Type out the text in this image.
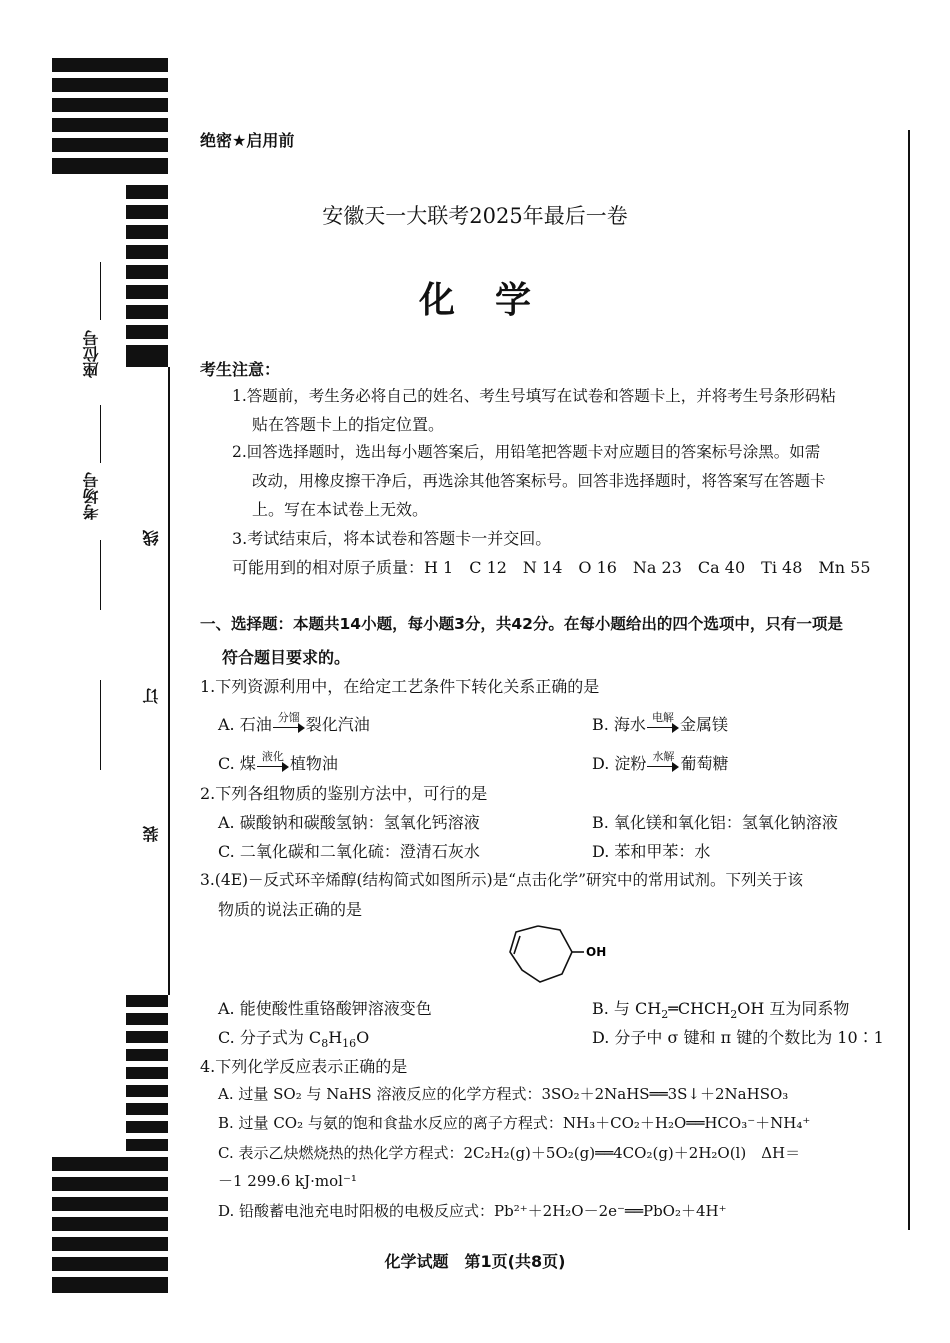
座位号
考场号
线
订
装
绝密★启用前
安徽天一大联考2025年最后一卷
化学
考生注意：
1.答题前，考生务必将自己的姓名、考生号填写在试卷和答题卡上，并将考生号条形码粘
贴在答题卡上的指定位置。
2.回答选择题时，选出每小题答案后，用铅笔把答题卡对应题目的答案标号涂黑。如需
改动，用橡皮擦干净后，再选涂其他答案标号。回答非选择题时，将答案写在答题卡
上。写在本试卷上无效。
3.考试结束后，将本试卷和答题卡一并交回。
可能用到的相对原子质量：H 1　C 12　N 14　O 16　Na 23　Ca 40　Ti 48　Mn 55
一、选择题：本题共14小题，每小题3分，共42分。在每小题给出的四个选项中，只有一项是
符合题目要求的。
1.下列资源利用中，在给定工艺条件下转化关系正确的是
A. 石油 分馏 裂化汽油	B. 海水 电解 金属镁
C. 煤 液化 植物油	D. 淀粉 水解 葡萄糖
2.下列各组物质的鉴别方法中，可行的是
A. 碳酸钠和碳酸氢钠：氢氧化钙溶液	B. 氧化镁和氧化铝：氢氧化钠溶液
C. 二氧化碳和二氧化硫：澄清石灰水	D. 苯和甲苯：水
3.(4E)－反式环辛烯醇(结构简式如图所示)是“点击化学”研究中的常用试剂。下列关于该
物质的说法正确的是
OH
A. 能使酸性重铬酸钾溶液变色	B. 与 $CH_2═CHCH_2OH$ 互为同系物
C. 分子式为 $C_8H_{16}O$	D. 分子中 σ 键和 π 键的个数比为 10∶1
4.下列化学反应表示正确的是
A. 过量 SO₂ 与 NaHS 溶液反应的化学方程式：3SO₂＋2NaHS══3S↓＋2NaHSO₃
B. 过量 CO₂ 与氨的饱和食盐水反应的离子方程式：NH₃＋CO₂＋H₂O══HCO₃⁻＋NH₄⁺
C. 表示乙炔燃烧热的热化学方程式：2C₂H₂(g)＋5O₂(g)══4CO₂(g)＋2H₂O(l)　ΔH＝
－1 299.6 kJ·mol⁻¹
D. 铅酸蓄电池充电时阳极的电极反应式：Pb²⁺＋2H₂O－2e⁻══PbO₂＋4H⁺
化学试题　第1页(共8页)
